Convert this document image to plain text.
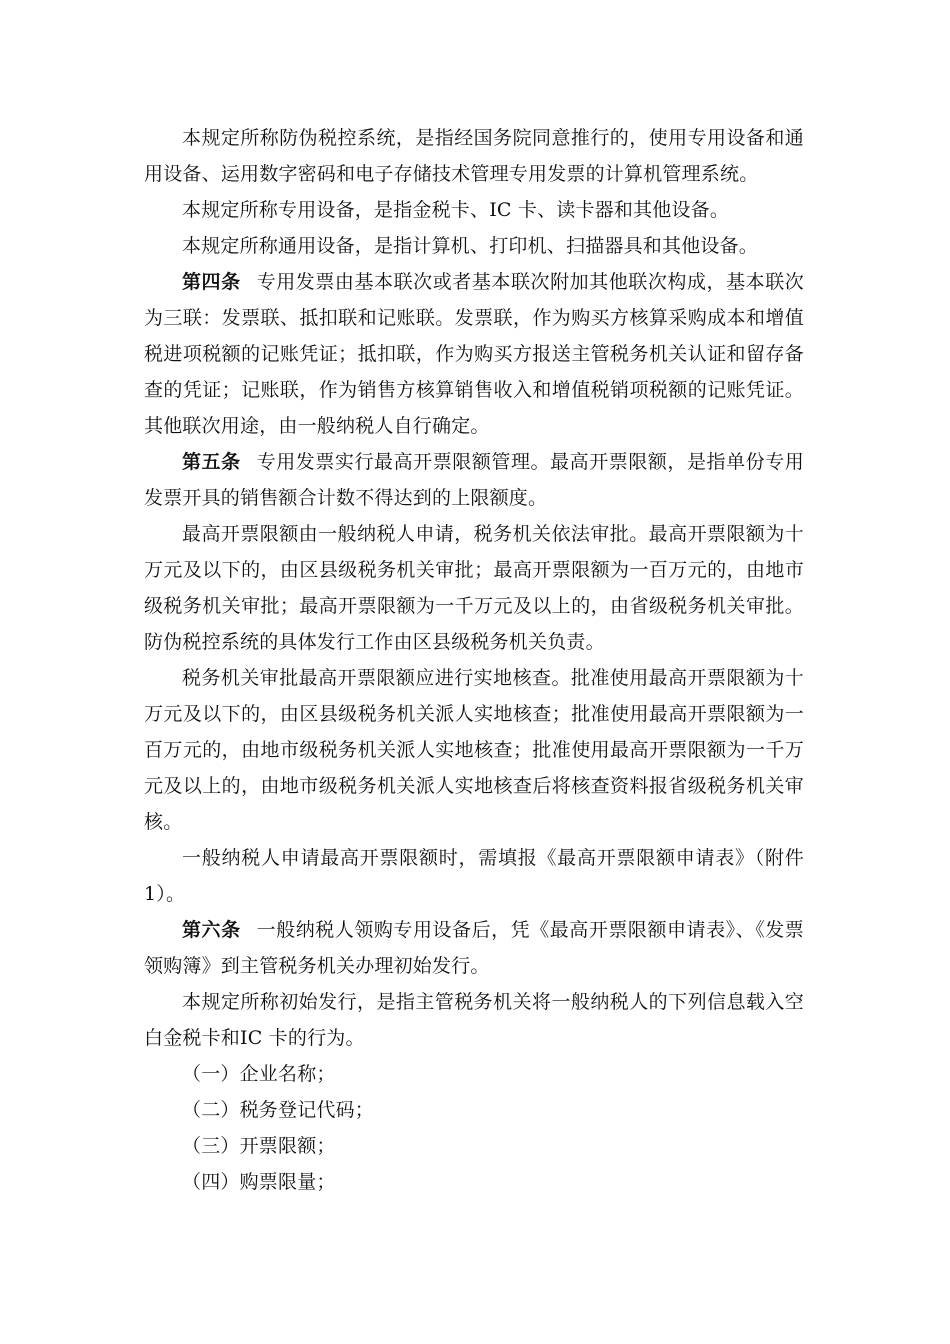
本规定所称防伪税控系统，是指经国务院同意推行的，使用专用设备和通用设备、运用数字密码和电子存储技术管理专用发票的计算机管理系统。

本规定所称专用设备，是指金税卡、IC 卡、读卡器和其他设备。

本规定所称通用设备，是指计算机、打印机、扫描器具和其他设备。

第四条 专用发票由基本联次或者基本联次附加其他联次构成，基本联次为三联：发票联、抵扣联和记账联。发票联，作为购买方核算采购成本和增值税进项税额的记账凭证；抵扣联，作为购买方报送主管税务机关认证和留存备查的凭证；记账联，作为销售方核算销售收入和增值税销项税额的记账凭证。其他联次用途，由一般纳税人自行确定。

第五条 专用发票实行最高开票限额管理。最高开票限额，是指单份专用发票开具的销售额合计数不得达到的上限额度。

最高开票限额由一般纳税人申请，税务机关依法审批。最高开票限额为十万元及以下的，由区县级税务机关审批；最高开票限额为一百万元的，由地市级税务机关审批；最高开票限额为一千万元及以上的，由省级税务机关审批。防伪税控系统的具体发行工作由区县级税务机关负责。

税务机关审批最高开票限额应进行实地核查。批准使用最高开票限额为十万元及以下的，由区县级税务机关派人实地核查；批准使用最高开票限额为一百万元的，由地市级税务机关派人实地核查；批准使用最高开票限额为一千万元及以上的，由地市级税务机关派人实地核查后将核查资料报省级税务机关审核。

一般纳税人申请最高开票限额时，需填报《最高开票限额申请表》（附件1）。

第六条 一般纳税人领购专用设备后，凭《最高开票限额申请表》、《发票领购簿》到主管税务机关办理初始发行。

本规定所称初始发行，是指主管税务机关将一般纳税人的下列信息载入空白金税卡和IC 卡的行为。

（一）企业名称；

（二）税务登记代码；

（三）开票限额；

（四）购票限量；
